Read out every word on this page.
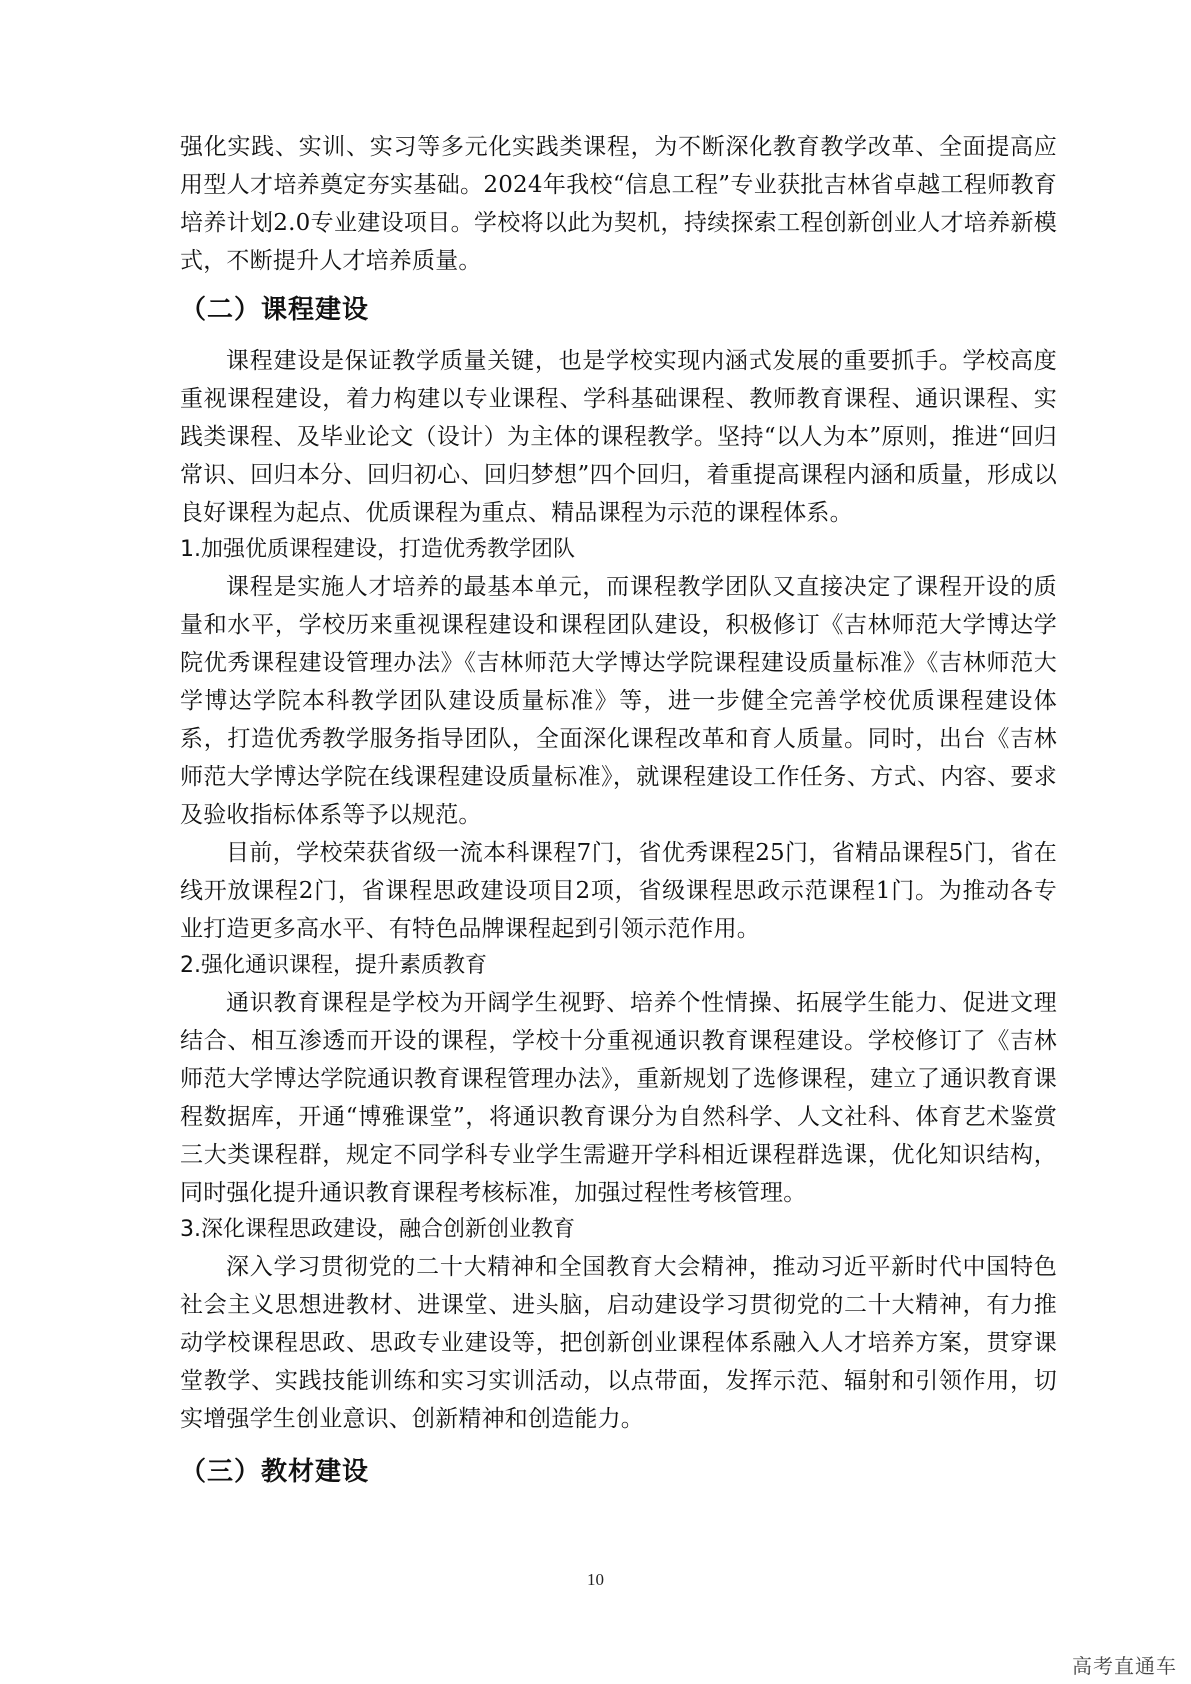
强化实践、实训、实习等多元化实践类课程，为不断深化教育教学改革、全面提高应用型人才培养奠定夯实基础。2024年我校“信息工程”专业获批吉林省卓越工程师教育培养计划2.0专业建设项目。学校将以此为契机，持续探索工程创新创业人才培养新模式，不断提升人才培养质量。

（二）课程建设

课程建设是保证教学质量关键，也是学校实现内涵式发展的重要抓手。学校高度重视课程建设，着力构建以专业课程、学科基础课程、教师教育课程、通识课程、实践类课程、及毕业论文（设计）为主体的课程教学。坚持“以人为本”原则，推进“回归常识、回归本分、回归初心、回归梦想”四个回归，着重提高课程内涵和质量，形成以良好课程为起点、优质课程为重点、精品课程为示范的课程体系。

1.加强优质课程建设，打造优秀教学团队

课程是实施人才培养的最基本单元，而课程教学团队又直接决定了课程开设的质量和水平，学校历来重视课程建设和课程团队建设，积极修订《吉林师范大学博达学院优秀课程建设管理办法》《吉林师范大学博达学院课程建设质量标准》《吉林师范大学博达学院本科教学团队建设质量标准》等，进一步健全完善学校优质课程建设体系，打造优秀教学服务指导团队，全面深化课程改革和育人质量。同时，出台《吉林师范大学博达学院在线课程建设质量标准》，就课程建设工作任务、方式、内容、要求及验收指标体系等予以规范。

目前，学校荣获省级一流本科课程7门，省优秀课程25门，省精品课程5门，省在线开放课程2门，省课程思政建设项目2项，省级课程思政示范课程1门。为推动各专业打造更多高水平、有特色品牌课程起到引领示范作用。

2.强化通识课程，提升素质教育

通识教育课程是学校为开阔学生视野、培养个性情操、拓展学生能力、促进文理结合、相互渗透而开设的课程，学校十分重视通识教育课程建设。学校修订了《吉林师范大学博达学院通识教育课程管理办法》，重新规划了选修课程，建立了通识教育课程数据库，开通“博雅课堂”，将通识教育课分为自然科学、人文社科、体育艺术鉴赏三大类课程群，规定不同学科专业学生需避开学科相近课程群选课，优化知识结构，同时强化提升通识教育课程考核标准，加强过程性考核管理。

3.深化课程思政建设，融合创新创业教育

深入学习贯彻党的二十大精神和全国教育大会精神，推动习近平新时代中国特色社会主义思想进教材、进课堂、进头脑，启动建设学习贯彻党的二十大精神，有力推动学校课程思政、思政专业建设等，把创新创业课程体系融入人才培养方案，贯穿课堂教学、实践技能训练和实习实训活动，以点带面，发挥示范、辐射和引领作用，切实增强学生创业意识、创新精神和创造能力。

（三）教材建设
10
高考直通车
